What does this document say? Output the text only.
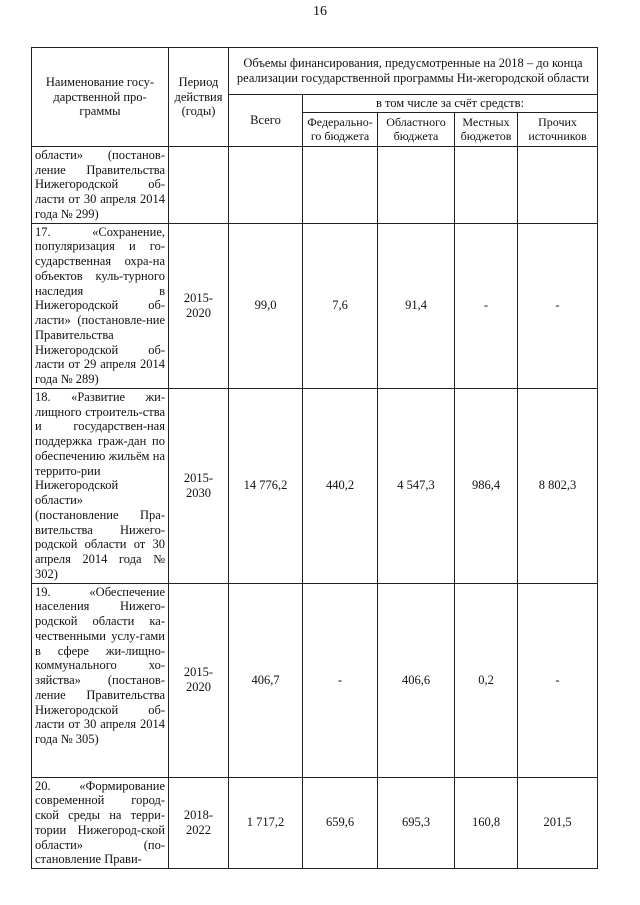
16
Наименование госу-дарственной про-граммы	Период действия (годы)	Объемы финансирования, предусмотренные на 2018 – до конца реализации государственной программы Ни-жегородской области				
		Всего	в том числе за счёт средств:			
			Федерально-го бюджета	Областного бюджета	Местных бюджетов	Прочих источников
области» (постанов-ление Правительства Нижегородской об-ласти от 30 апреля 2014 года № 299)						
17. «Сохранение, популяризация и го-сударственная охра-на объектов куль-турного наследия в Нижегородской об-ласти» (постановле-ние Правительства Нижегородской об-ласти от 29 апреля 2014 года № 289)	2015-2020	99,0	7,6	91,4	-	-
18. «Развитие жи-лищного строитель-ства и государствен-ная поддержка граж-дан по обеспечению жильём на террито-рии Нижегородской области» (постановление Пра-вительства Нижего-родской области от 30 апреля 2014 года № 302)	2015-2030	14 776,2	440,2	4 547,3	986,4	8 802,3
19. «Обеспечение населения Нижего-родской области ка-чественными услу-гами в сфере жи-лищно-коммунального хо-зяйства» (постанов-ление Правительства Нижегородской об-ласти от 30 апреля 2014 года № 305)	2015-2020	406,7	-	406,6	0,2	-
20. «Формирование современной город-ской среды на терри-тории Нижегород-ской области» (по-становление Прави-	2018-2022	1 717,2	659,6	695,3	160,8	201,5
